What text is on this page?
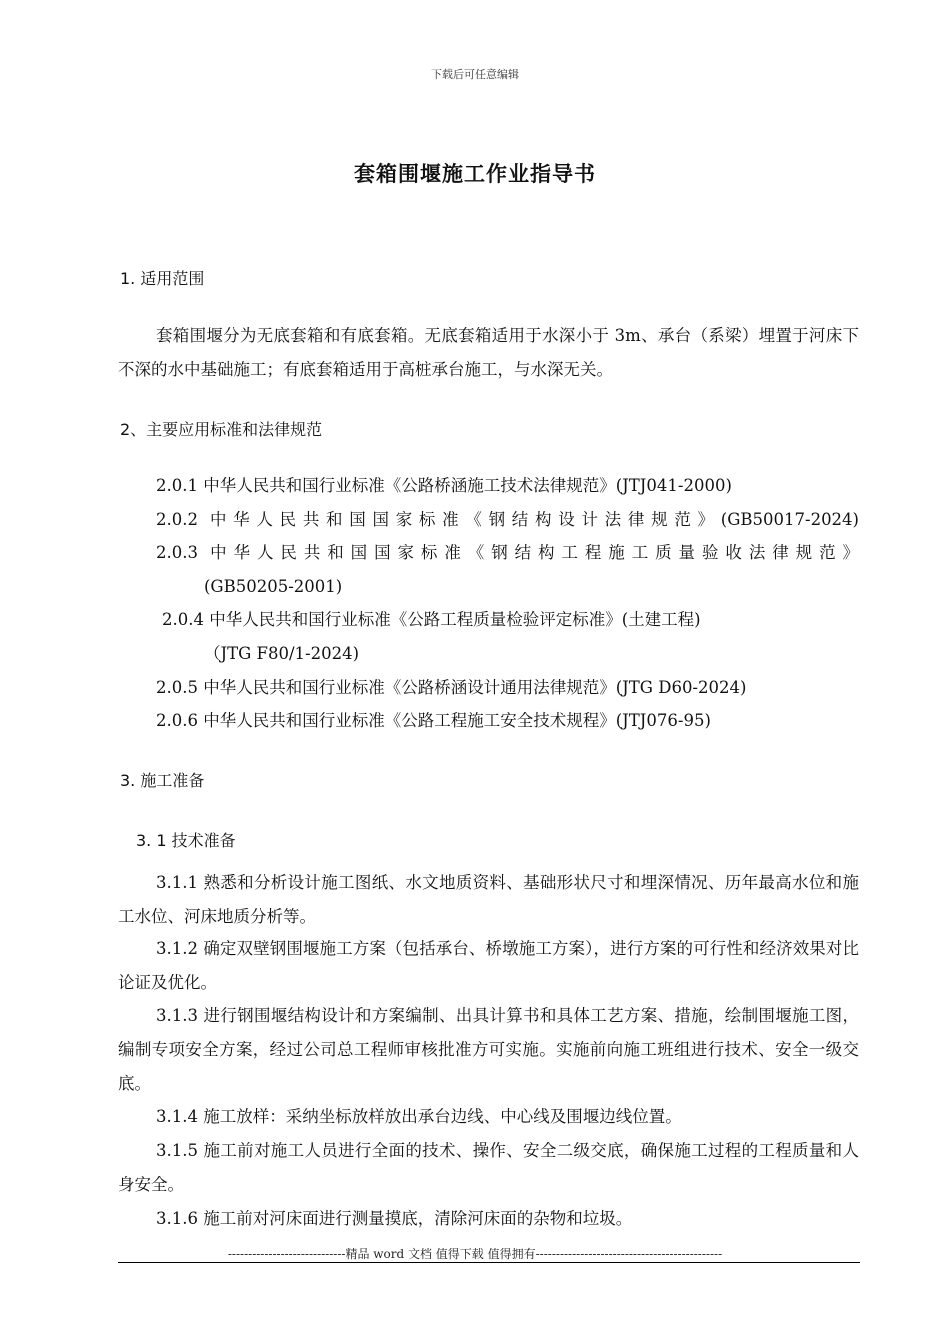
下载后可任意编辑
套箱围堰施工作业指导书
1. 适用范围
套箱围堰分为无底套箱和有底套箱。无底套箱适用于水深小于 3m、承台（系梁）埋置于河床下不深的水中基础施工；有底套箱适用于高桩承台施工，与水深无关。
2、主要应用标准和法律规范
2.0.1 中华人民共和国行业标准《公路桥涵施工技术法律规范》(JTJ041-2000)
2.0.2 中华人民共和国国家标准《钢结构设计法律规范》(GB50017-2024)
2.0.3 中华人民共和国国家标准《钢结构工程施工质量验收法律规范》
(GB50205-2001)
2.0.4 中华人民共和国行业标准《公路工程质量检验评定标准》(土建工程)
（JTG F80/1-2024)
2.0.5 中华人民共和国行业标准《公路桥涵设计通用法律规范》(JTG D60-2024)
2.0.6 中华人民共和国行业标准《公路工程施工安全技术规程》(JTJ076-95)
3. 施工准备
3. 1 技术准备
3.1.1 熟悉和分析设计施工图纸、水文地质资料、基础形状尺寸和埋深情况、历年最高水位和施工水位、河床地质分析等。
3.1.2 确定双壁钢围堰施工方案（包括承台、桥墩施工方案），进行方案的可行性和经济效果对比论证及优化。
3.1.3 进行钢围堰结构设计和方案编制、出具计算书和具体工艺方案、措施，绘制围堰施工图，编制专项安全方案，经过公司总工程师审核批准方可实施。实施前向施工班组进行技术、安全一级交底。
3.1.4 施工放样：采纳坐标放样放出承台边线、中心线及围堰边线位置。
3.1.5 施工前对施工人员进行全面的技术、操作、安全二级交底，确保施工过程的工程质量和人身安全。
3.1.6 施工前对河床面进行测量摸底，清除河床面的杂物和垃圾。
-----------------------------精品 word 文档 值得下载 值得拥有----------------------------------------------
